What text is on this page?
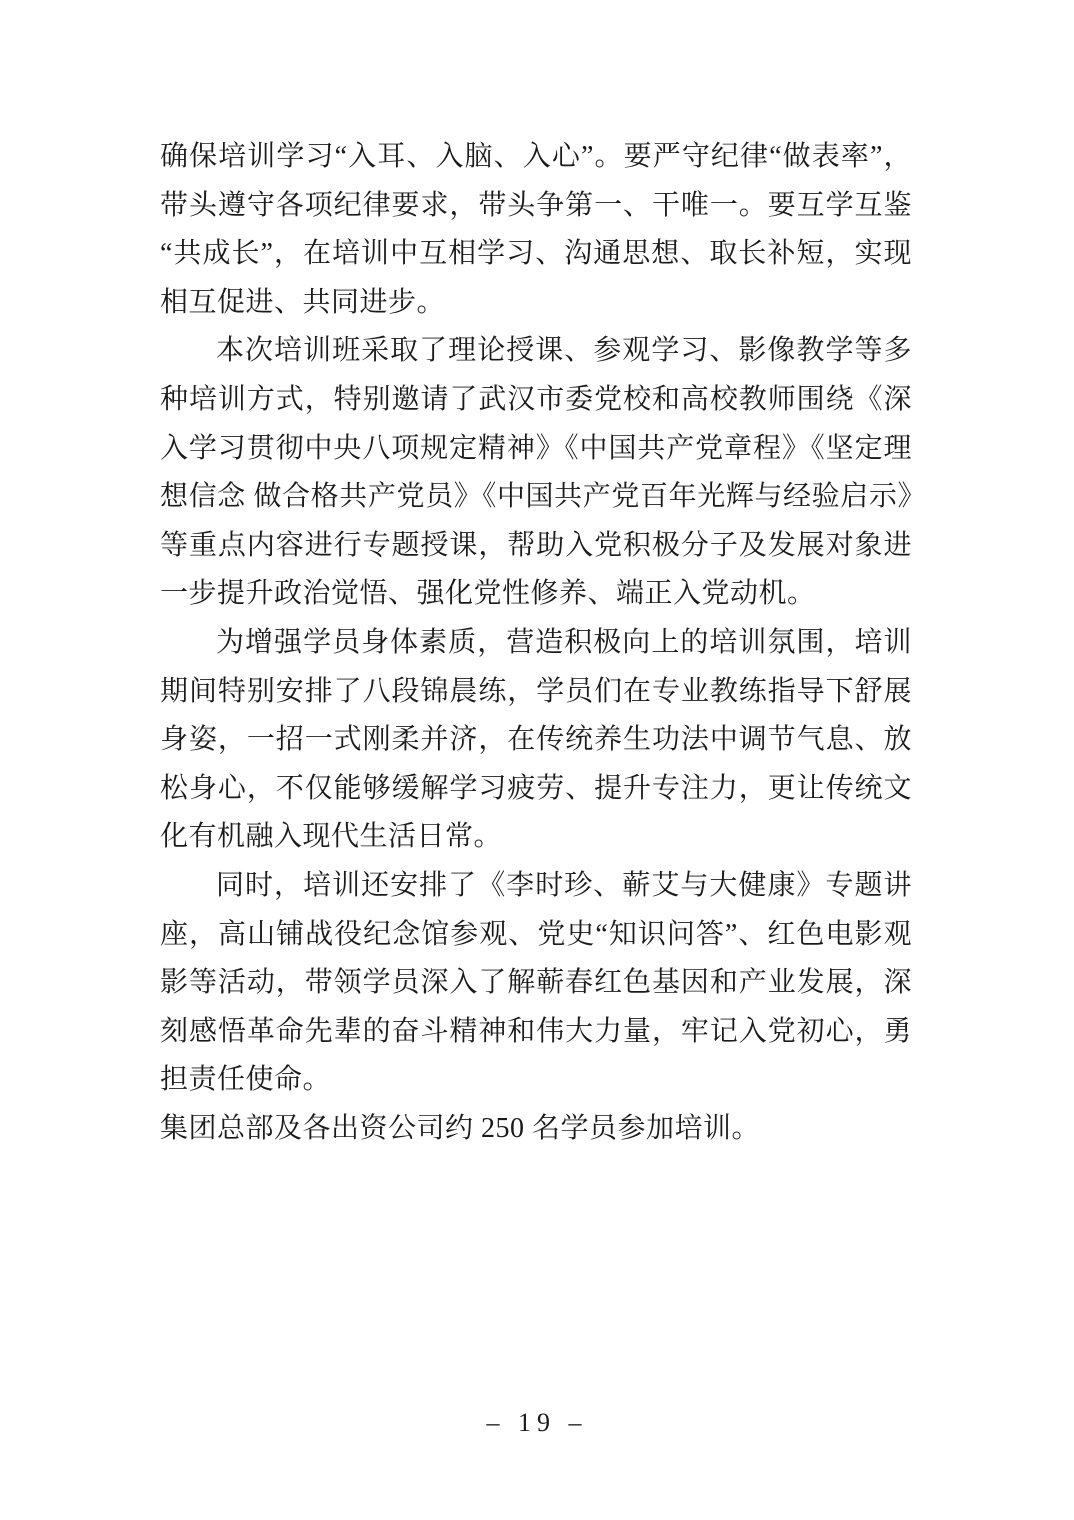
确保培训学习“入耳、入脑、入心”。要严守纪律“做表率”，带头遵守各项纪律要求，带头争第一、干唯一。要互学互鉴“共成长”，在培训中互相学习、沟通思想、取长补短，实现相互促进、共同进步。

本次培训班采取了理论授课、参观学习、影像教学等多种培训方式，特别邀请了武汉市委党校和高校教师围绕《深入学习贯彻中央八项规定精神》《中国共产党章程》《坚定理想信念 做合格共产党员》《中国共产党百年光辉与经验启示》等重点内容进行专题授课，帮助入党积极分子及发展对象进一步提升政治觉悟、强化党性修养、端正入党动机。

为增强学员身体素质，营造积极向上的培训氛围，培训期间特别安排了八段锦晨练，学员们在专业教练指导下舒展身姿，一招一式刚柔并济，在传统养生功法中调节气息、放松身心，不仅能够缓解学习疲劳、提升专注力，更让传统文化有机融入现代生活日常。

同时，培训还安排了《李时珍、蕲艾与大健康》专题讲座，高山铺战役纪念馆参观、党史“知识问答”、红色电影观影等活动，带领学员深入了解蕲春红色基因和产业发展，深刻感悟革命先辈的奋斗精神和伟大力量，牢记入党初心，勇担责任使命。

集团总部及各出资公司约 250 名学员参加培训。

– 19 –
